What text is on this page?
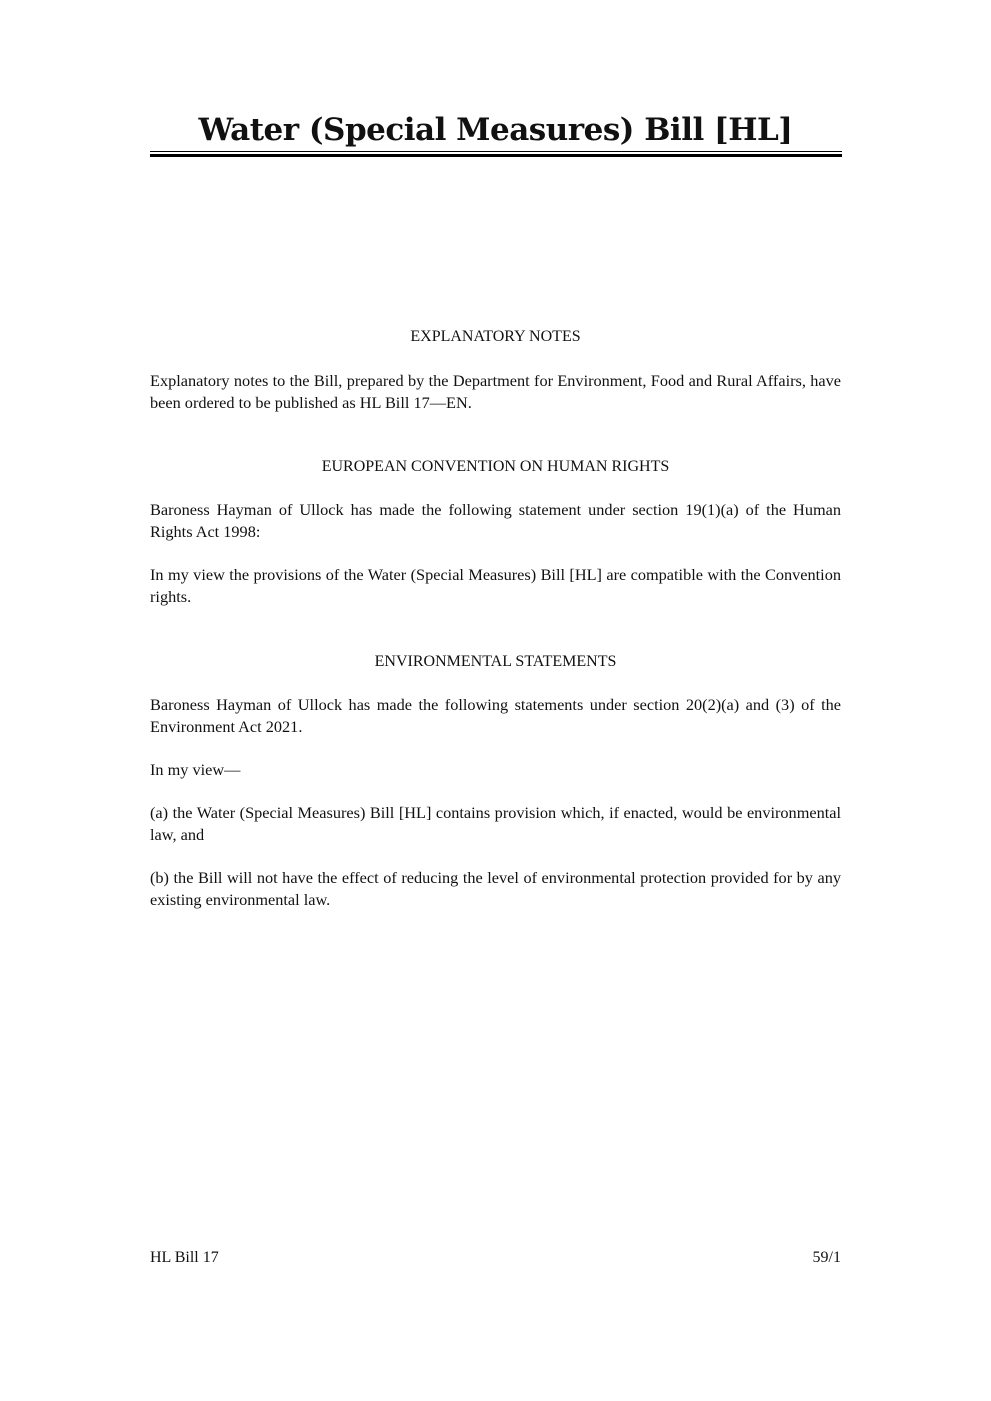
Water (Special Measures) Bill [HL]
EXPLANATORY NOTES
Explanatory notes to the Bill, prepared by the Department for Environment, Food and Rural Affairs, have been ordered to be published as HL Bill 17—EN.
EUROPEAN CONVENTION ON HUMAN RIGHTS
Baroness Hayman of Ullock has made the following statement under section 19(1)(a) of the Human Rights Act 1998:
In my view the provisions of the Water (Special Measures) Bill [HL] are compatible with the Convention rights.
ENVIRONMENTAL STATEMENTS
Baroness Hayman of Ullock has made the following statements under section 20(2)(a) and (3) of the Environment Act 2021.
In my view—
(a) the Water (Special Measures) Bill [HL] contains provision which, if enacted, would be environmental law, and
(b) the Bill will not have the effect of reducing the level of environmental protection provided for by any existing environmental law.
HL Bill 17	59/1
